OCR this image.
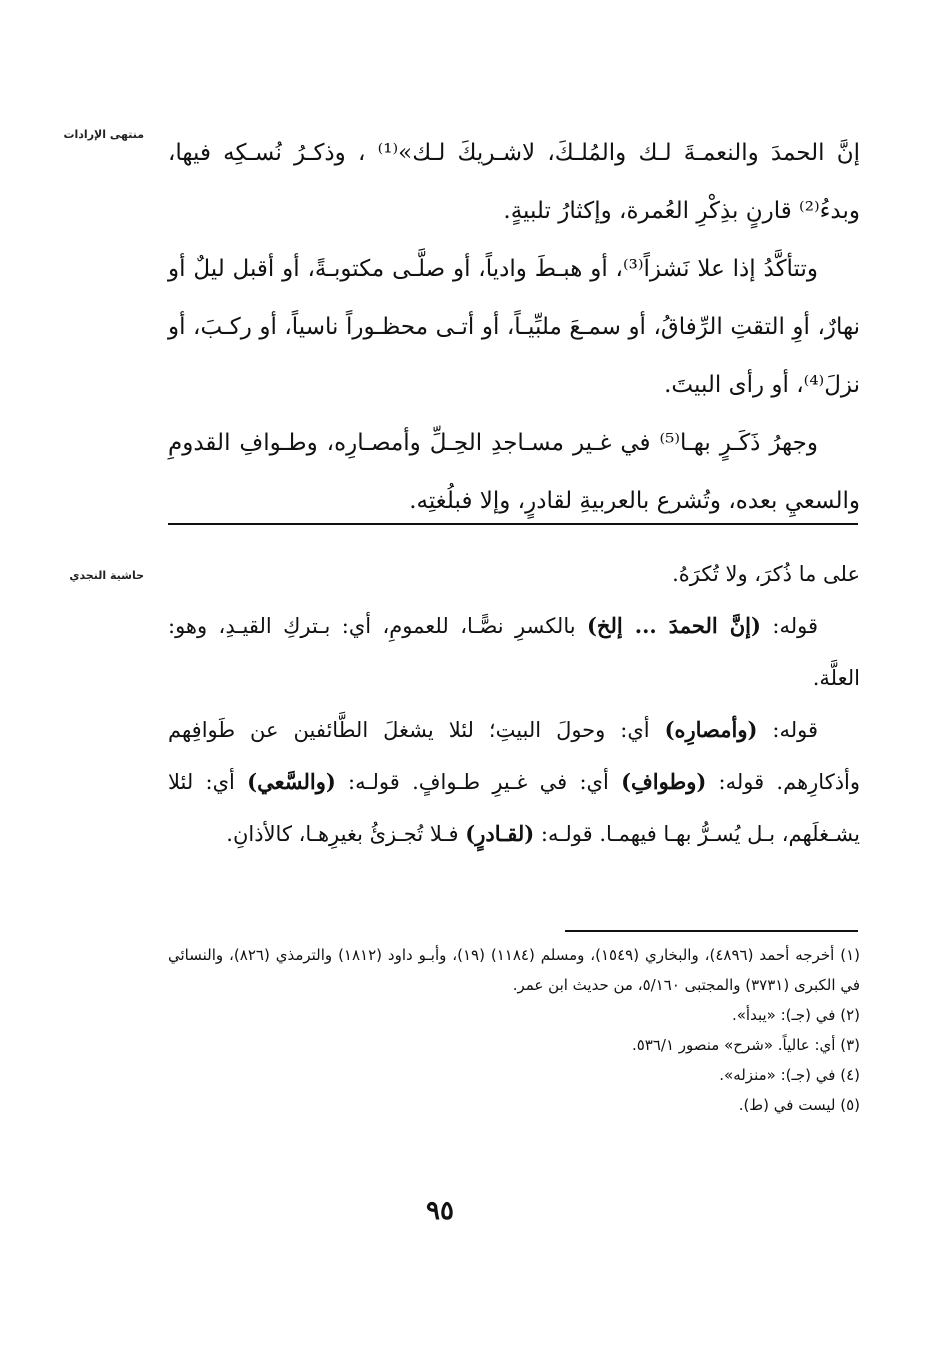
منتهى الإرادات

إنَّ الحمدَ والنعمـةَ لـك والمُلـكَ، لاشـريكَ لـك»⁽¹⁾ ، وذكـرُ نُسـكِه فيها، وبدءُ⁽²⁾ قارنٍ بذِكْرِ العُمرة، وإكثارُ تلبيةٍ.

وتتأكَّدُ إذا علا نَشزاً⁽³⁾، أو هبـطَ وادياً، أو صلَّـى مكتوبـةً، أو أقبل ليلٌ أو نهارٌ، أوِ التقتِ الرِّفاقُ، أو سمـعَ ملبِّيـاً، أو أتـى محظـوراً ناسياً، أو ركـبَ، أو نزلَ⁽⁴⁾، أو رأى البيتَ.

وجهرُ ذَكَـرٍ بهـا⁽⁵⁾ في غـير مسـاجدِ الحِـلِّ وأمصـارِه، وطـوافِ القدومِ والسعيِ بعده، وتُشرع بالعربيةِ لقادرٍ، وإلا فبلُغتِه.

حاشية النجدي	على ما ذُكرَ، ولا تُكرَهُ.

قوله: (إنَّ الحمدَ ... إلخ) بالكسرِ نصًّـا، للعمومِ، أي: بـتركِ القيـدِ، وهو: العلَّة.

قوله: (وأمصارِه) أي: وحولَ البيتِ؛ لئلا يشغلَ الطَّائفين عن طَوافِهم وأذكارِهم. قوله: (وطوافِ) أي: في غـيرِ طـوافٍ. قولـه: (والسَّعي) أي: لئلا يشـغلَهم، بـل يُسـرُّ بهـا فيهمـا. قولـه: (لقـادرٍ) فـلا تُجـزئُ بغيرِهـا، كالأذانِ.

(١) أخرجه أحمد (٤٨٩٦)، والبخاري (١٥٤٩)، ومسلم (١١٨٤) (١٩)، وأبـو داود (١٨١٢) والترمذي (٨٢٦)، والنسائي في الكبرى (٣٧٣١) والمجتبى ٥/١٦٠، من حديث ابن عمر.

(٢) في (جـ): «يبدأ».

(٣) أي: عالياً. «شرح» منصور ٥٣٦/١.

(٤) في (جـ): «منزله».

(٥) ليست في (ط).

٩٥
